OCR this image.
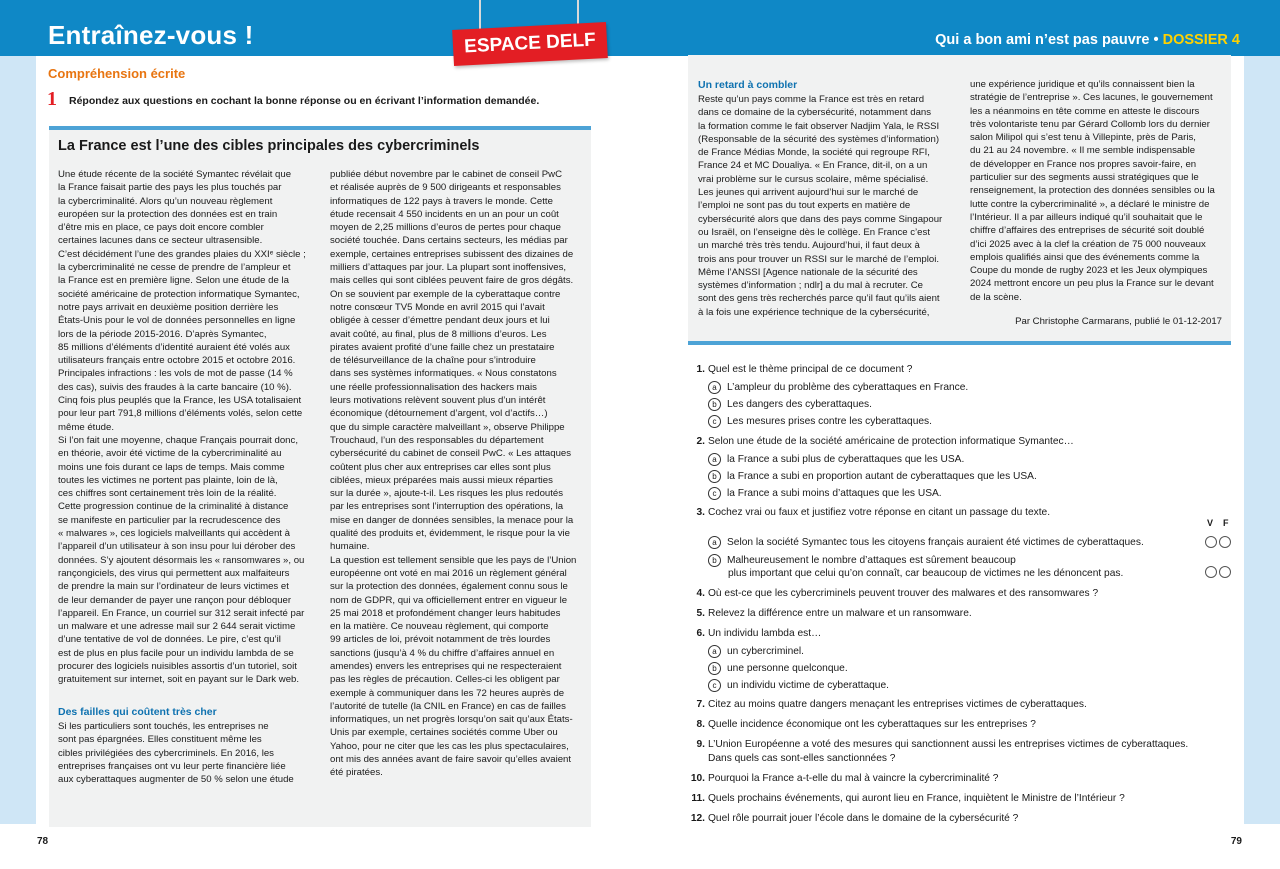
Entraînez-vous !	Qui a bon ami n’est pas pauvre • DOSSIER 4
ESPACE DELF
Compréhension écrite
1 Répondez aux questions en cochant la bonne réponse ou en écrivant l’information demandée.
La France est l’une des cibles principales des cybercriminels

Une étude récente de la société Symantec révélait que

la France faisait partie des pays les plus touchés par

la cybercriminalité. Alors qu’un nouveau règlement

européen sur la protection des données est en train

d’être mis en place, ce pays doit encore combler

certaines lacunes dans ce secteur ultrasensible.

C’est décidément l’une des grandes plaies du XXIᵉ siècle ;

la cybercriminalité ne cesse de prendre de l’ampleur et

la France est en première ligne. Selon une étude de la

société américaine de protection informatique Symantec,

notre pays arrivait en deuxième position derrière les

États-Unis pour le vol de données personnelles en ligne

lors de la période 2015-2016. D’après Symantec,

85 millions d’éléments d’identité auraient été volés aux

utilisateurs français entre octobre 2015 et octobre 2016.

Principales infractions : les vols de mot de passe (14 %

des cas), suivis des fraudes à la carte bancaire (10 %).

Cinq fois plus peuplés que la France, les USA totalisaient

pour leur part 791,8 millions d’éléments volés, selon cette

même étude.

Si l’on fait une moyenne, chaque Français pourrait donc,

en théorie, avoir été victime de la cybercriminalité au

moins une fois durant ce laps de temps. Mais comme

toutes les victimes ne portent pas plainte, loin de là,

ces chiffres sont certainement très loin de la réalité.

Cette progression continue de la criminalité à distance

se manifeste en particulier par la recrudescence des

« malwares », ces logiciels malveillants qui accèdent à

l’appareil d’un utilisateur à son insu pour lui dérober des

données. S’y ajoutent désormais les « ransomwares », ou

rançongiciels, des virus qui permettent aux malfaiteurs

de prendre la main sur l’ordinateur de leurs victimes et

de leur demander de payer une rançon pour débloquer

l’appareil. En France, un courriel sur 312 serait infecté par

un malware et une adresse mail sur 2 644 serait victime

d’une tentative de vol de données. Le pire, c’est qu’il

est de plus en plus facile pour un individu lambda de se

procurer des logiciels nuisibles assortis d’un tutoriel, soit

gratuitement sur internet, soit en payant sur le Dark web.

Des failles qui coûtent très cher

Si les particuliers sont touchés, les entreprises ne

sont pas épargnées. Elles constituent même les

cibles privilégiées des cybercriminels. En 2016, les

entreprises françaises ont vu leur perte financière liée

aux cyberattaques augmenter de 50 % selon une étude

publiée début novembre par le cabinet de conseil PwC

et réalisée auprès de 9 500 dirigeants et responsables

informatiques de 122 pays à travers le monde. Cette

étude recensait 4 550 incidents en un an pour un coût

moyen de 2,25 millions d’euros de pertes pour chaque

société touchée. Dans certains secteurs, les médias par

exemple, certaines entreprises subissent des dizaines de

milliers d’attaques par jour. La plupart sont inoffensives,

mais celles qui sont ciblées peuvent faire de gros dégâts.

On se souvient par exemple de la cyberattaque contre

notre consœur TV5 Monde en avril 2015 qui l’avait

obligée à cesser d’émettre pendant deux jours et lui

avait coûté, au final, plus de 8 millions d’euros. Les

pirates avaient profité d’une faille chez un prestataire

de télésurveillance de la chaîne pour s’introduire

dans ses systèmes informatiques. « Nous constatons

une réelle professionnalisation des hackers mais

leurs motivations relèvent souvent plus d’un intérêt

économique (détournement d’argent, vol d’actifs…)

que du simple caractère malveillant », observe Philippe

Trouchaud, l’un des responsables du département

cybersécurité du cabinet de conseil PwC. « Les attaques

coûtent plus cher aux entreprises car elles sont plus

ciblées, mieux préparées mais aussi mieux réparties

sur la durée », ajoute-t-il. Les risques les plus redoutés

par les entreprises sont l’interruption des opérations, la

mise en danger de données sensibles, la menace pour la

qualité des produits et, évidemment, le risque pour la vie

humaine.

La question est tellement sensible que les pays de l’Union

européenne ont voté en mai 2016 un règlement général

sur la protection des données, également connu sous le

nom de GDPR, qui va officiellement entrer en vigueur le

25 mai 2018 et profondément changer leurs habitudes

en la matière. Ce nouveau règlement, qui comporte

99 articles de loi, prévoit notamment de très lourdes

sanctions (jusqu’à 4 % du chiffre d’affaires annuel en

amendes) envers les entreprises qui ne respecteraient

pas les règles de précaution. Celles-ci les obligent par

exemple à communiquer dans les 72 heures auprès de

l’autorité de tutelle (la CNIL en France) en cas de failles

informatiques, un net progrès lorsqu’on sait qu’aux États-

Unis par exemple, certaines sociétés comme Uber ou

Yahoo, pour ne citer que les cas les plus spectaculaires,

ont mis des années avant de faire savoir qu’elles avaient

été piratées.

Un retard à combler

Reste qu’un pays comme la France est très en retard

dans ce domaine de la cybersécurité, notamment dans

la formation comme le fait observer Nadjim Yala, le RSSI

(Responsable de la sécurité des systèmes d’information)

de France Médias Monde, la société qui regroupe RFI,

France 24 et MC Doualiya. « En France, dit-il, on a un

vrai problème sur le cursus scolaire, même spécialisé.

Les jeunes qui arrivent aujourd’hui sur le marché de

l’emploi ne sont pas du tout experts en matière de

cybersécurité alors que dans des pays comme Singapour

ou Israël, on l’enseigne dès le collège. En France c’est

un marché très très tendu. Aujourd’hui, il faut deux à

trois ans pour trouver un RSSI sur le marché de l’emploi.

Même l’ANSSI [Agence nationale de la sécurité des

systèmes d’information ; ndlr] a du mal à recruter. Ce

sont des gens très recherchés parce qu’il faut qu’ils aient

à la fois une expérience technique de la cybersécurité,

une expérience juridique et qu’ils connaissent bien la

stratégie de l’entreprise ». Ces lacunes, le gouvernement

les a néanmoins en tête comme en atteste le discours

très volontariste tenu par Gérard Collomb lors du dernier

salon Milipol qui s’est tenu à Villepinte, près de Paris,

du 21 au 24 novembre. « Il me semble indispensable

de développer en France nos propres savoir-faire, en

particulier sur des segments aussi stratégiques que le

renseignement, la protection des données sensibles ou la

lutte contre la cybercriminalité », a déclaré le ministre de

l’Intérieur. Il a par ailleurs indiqué qu’il souhaitait que le

chiffre d’affaires des entreprises de sécurité soit doublé

d’ici 2025 avec à la clef la création de 75 000 nouveaux

emplois qualifiés ainsi que des événements comme la

Coupe du monde de rugby 2023 et les Jeux olympiques

2024 mettront encore un peu plus la France sur le devant

de la scène.

Par Christophe Carmarans, publié le 01-12-2017
1. Quel est le thème principal de ce document ?
a L’ampleur du problème des cyberattaques en France.
b Les dangers des cyberattaques.
c Les mesures prises contre les cyberattaques.
2. Selon une étude de la société américaine de protection informatique Symantec…
a la France a subi plus de cyberattaques que les USA.
b la France a subi en proportion autant de cyberattaques que les USA.
c la France a subi moins d’attaques que les USA.
3. Cochez vrai ou faux et justifiez votre réponse en citant un passage du texte.
V F
a Selon la société Symantec tous les citoyens français auraient été victimes de cyberattaques.
b Malheureusement le nombre d’attaques est sûrement beaucoup
plus important que celui qu’on connaît, car beaucoup de victimes ne les dénoncent pas.
4. Où est-ce que les cybercriminels peuvent trouver des malwares et des ransomwares ?
5. Relevez la différence entre un malware et un ransomware.
6. Un individu lambda est…
a un cybercriminel.
b une personne quelconque.
c un individu victime de cyberattaque.
7. Citez au moins quatre dangers menaçant les entreprises victimes de cyberattaques.
8. Quelle incidence économique ont les cyberattaques sur les entreprises ?
9. L’Union Européenne a voté des mesures qui sanctionnent aussi les entreprises victimes de cyberattaques.
Dans quels cas sont-elles sanctionnées ?
10. Pourquoi la France a-t-elle du mal à vaincre la cybercriminalité ?
11. Quels prochains événements, qui auront lieu en France, inquiètent le Ministre de l’Intérieur ?
12. Quel rôle pourrait jouer l’école dans le domaine de la cybersécurité ?
78	79
